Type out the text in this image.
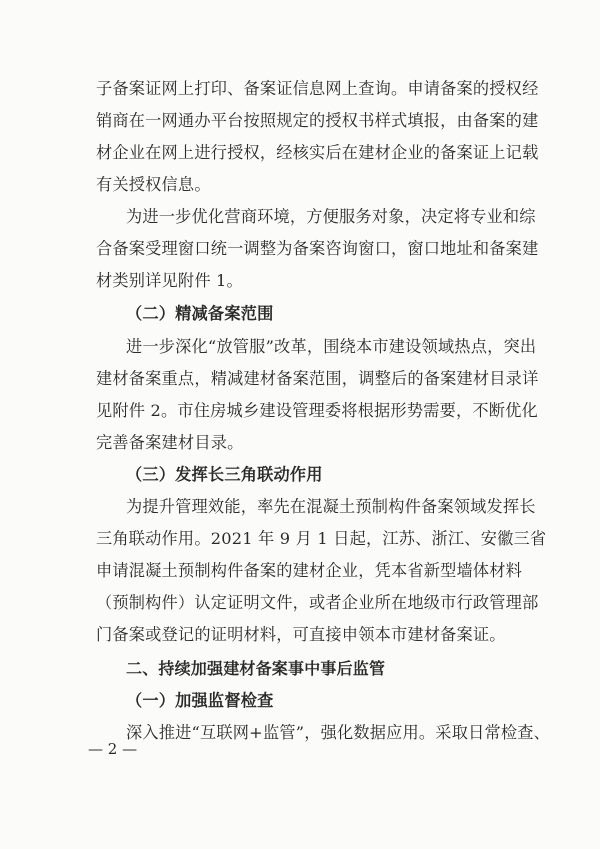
子备案证网上打印、备案证信息网上查询。申请备案的授权经
销商在一网通办平台按照规定的授权书样式填报，由备案的建
材企业在网上进行授权，经核实后在建材企业的备案证上记载
有关授权信息。
为进一步优化营商环境，方便服务对象，决定将专业和综
合备案受理窗口统一调整为备案咨询窗口，窗口地址和备案建
材类别详见附件 1。
（二）精减备案范围
进一步深化“放管服”改革，围绕本市建设领域热点，突出
建材备案重点，精减建材备案范围，调整后的备案建材目录详
见附件 2。市住房城乡建设管理委将根据形势需要，不断优化
完善备案建材目录。
（三）发挥长三角联动作用
为提升管理效能，率先在混凝土预制构件备案领域发挥长
三角联动作用。2021 年 9 月 1 日起，江苏、浙江、安徽三省
申请混凝土预制构件备案的建材企业，凭本省新型墙体材料
（预制构件）认定证明文件，或者企业所在地级市行政管理部
门备案或登记的证明材料，可直接申领本市建材备案证。
二、持续加强建材备案事中事后监管
（一）加强监督检查
深入推进“互联网+监管”，强化数据应用。采取日常检查、
— 2 —
